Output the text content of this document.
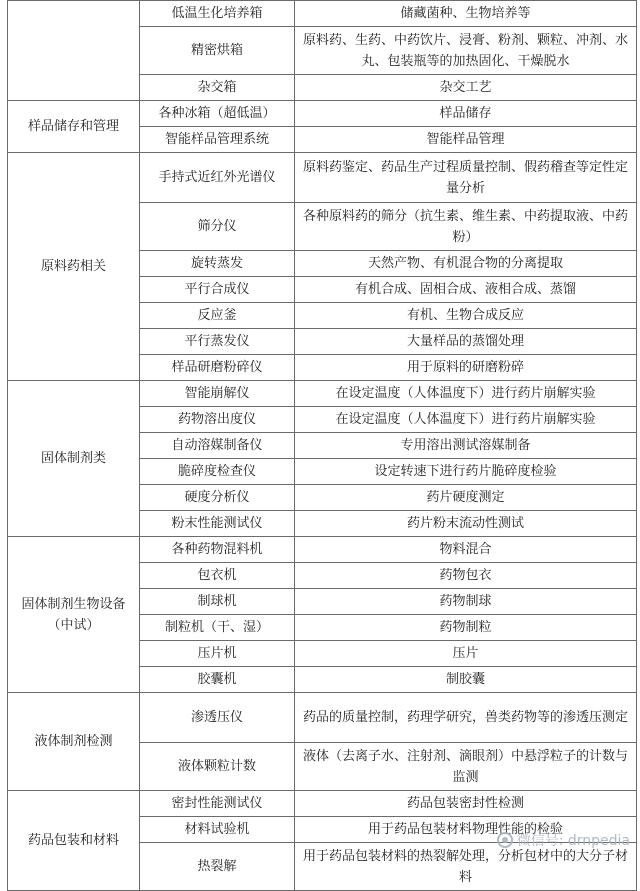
	低温生化培养箱	储藏菌种、生物培养等
	精密烘箱	原料药、生药、中药饮片、浸膏、粉剂、颗粒、冲剂、水丸、包装瓶等的加热固化、干燥脱水
	杂交箱	杂交工艺
样品储存和管理	各种冰箱（超低温）	样品储存
	智能样品管理系统	智能样品管理
原料药相关	手持式近红外光谱仪	原料药鉴定、药品生产过程质量控制、假药稽查等定性定量分析
	筛分仪	各种原料药的筛分（抗生素、维生素、中药提取液、中药粉）
	旋转蒸发	天然产物、有机混合物的分离提取
	平行合成仪	有机合成、固相合成、液相合成、蒸馏
	反应釜	有机、生物合成反应
	平行蒸发仪	大量样品的蒸馏处理
	样品研磨粉碎仪	用于原料的研磨粉碎
固体制剂类	智能崩解仪	在设定温度（人体温度下）进行药片崩解实验
	药物溶出度仪	在设定温度（人体温度下）进行药片崩解实验
	自动溶媒制备仪	专用溶出测试溶媒制备
	脆碎度检查仪	设定转速下进行药片脆碎度检验
	硬度分析仪	药片硬度测定
	粉末性能测试仪	药片粉末流动性测试
固体制剂生物设备（中试）	各种药物混料机	物料混合
	包衣机	药物包衣
	制球机	药物制球
	制粒机（干、湿）	药物制粒
	压片机	压片
	胶囊机	制胶囊
液体制剂检测	渗透压仪	药品的质量控制，药理学研究，兽类药物等的渗透压测定
	液体颗粒计数	液体（去离子水、注射剂、滴眼剂）中悬浮粒子的计数与监测
药品包装和材料	密封性能测试仪	药品包装密封性检测
	材料试验机	用于药品包装材料物理性能的检验
	热裂解	用于药品包装材料的热裂解处理，分析包材中的大分子材料
微信号: drnpedia
